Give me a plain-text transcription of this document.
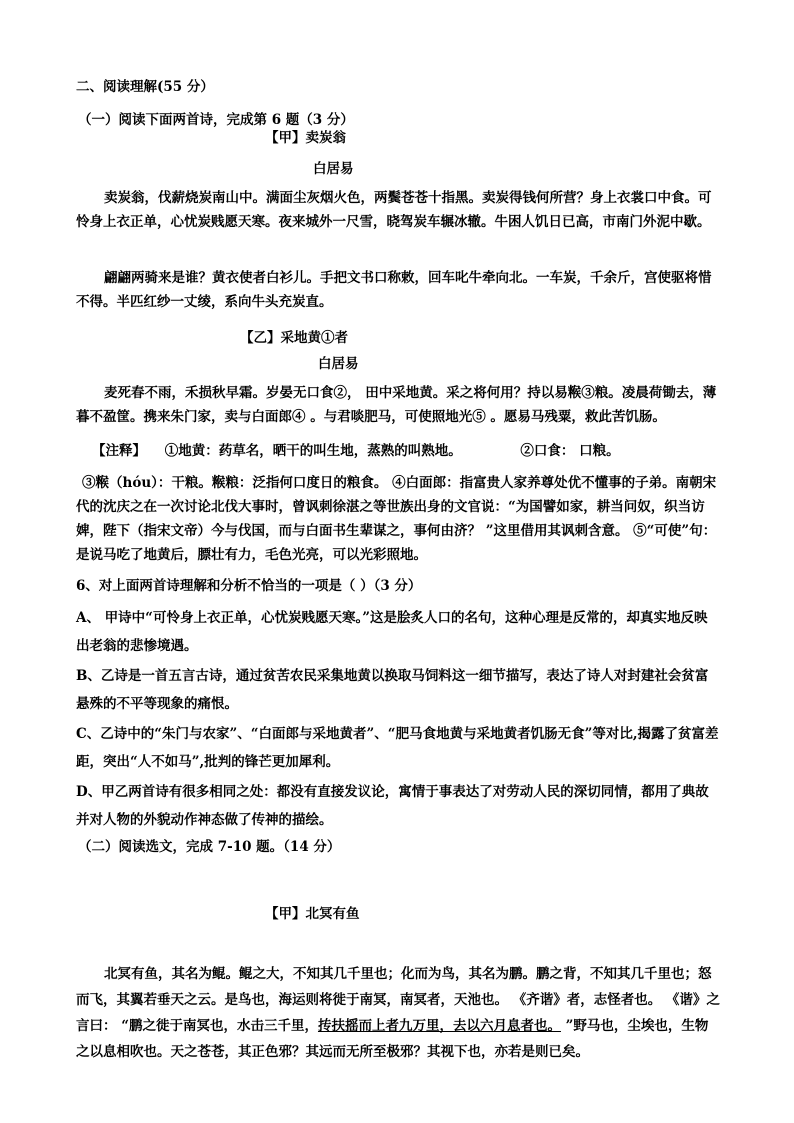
二、阅读理解(55 分）
（一）阅读下面两首诗，完成第 6 题（3 分）
【甲】卖炭翁
白居易
卖炭翁，伐薪烧炭南山中。满面尘灰烟火色，两鬓苍苍十指黑。卖炭得钱何所营？身上衣裳口中食。可怜身上衣正单，心忧炭贱愿天寒。夜来城外一尺雪，晓驾炭车辗冰辙。牛困人饥日已高，市南门外泥中歇。
翩翩两骑来是谁？黄衣使者白衫儿。手把文书口称敕，回车叱牛牵向北。一车炭，千余斤，宫使驱将惜不得。半匹红纱一丈绫，系向牛头充炭直。
【乙】采地黄①者
白居易
麦死春不雨，禾损秋早霜。岁晏无口食②， 田中采地黄。采之将何用？持以易糇③粮。凌晨荷锄去，薄暮不盈筐。携来朱门家，卖与白面郎④ 。与君啖肥马，可使照地光⑤ 。愿易马残粟，救此苦饥肠。
【注释】 ①地黄：药草名，晒干的叫生地，蒸熟的叫熟地。	②口食： 口粮。
③糇（hóu）：干粮。糇粮：泛指何口度日的粮食。 ④白面郎：指富贵人家养尊处优不懂事的子弟。南朝宋代的沈庆之在一次讨论北伐大事时，曾讽刺徐湛之等世族出身的文官说：“为国譬如家，耕当问奴，织当访婢，陛下（指宋文帝）今与伐国，而与白面书生辈谋之，事何由济？ ”这里借用其讽刺含意。 ⑤“可使”句：是说马吃了地黄后，膘壮有力，毛色光亮，可以光彩照地。
6、对上面两首诗理解和分析不恰当的一项是（ ）（3 分）
A、 甲诗中“可怜身上衣正单，心忧炭贱愿天寒。”这是脍炙人口的名句，这种心理是反常的，却真实地反映出老翁的悲惨境遇。
B、乙诗是一首五言古诗，通过贫苦农民采集地黄以换取马饲料这一细节描写，表达了诗人对封建社会贫富悬殊的不平等现象的痛恨。
C、乙诗中的“朱门与农家”、“白面郎与采地黄者”、“肥马食地黄与采地黄者饥肠无食”等对比,揭露了贫富差距，突出“人不如马”,批判的锋芒更加犀利。
D、甲乙两首诗有很多相同之处：都没有直接发议论，寓情于事表达了对劳动人民的深切同情，都用了典故并对人物的外貌动作神态做了传神的描绘。
（二）阅读选文，完成 7-10 题。（14 分）
【甲】北冥有鱼
北冥有鱼，其名为鲲。鲲之大，不知其几千里也；化而为鸟，其名为鹏。鹏之背，不知其几千里也；怒而飞，其翼若垂天之云。是鸟也，海运则将徙于南冥，南冥者，天池也。 《齐谐》者，志怪者也。 《谐》之言曰： “鹏之徙于南冥也，水击三千里，抟扶摇而上者九万里，去以六月息者也。 ”野马也，尘埃也，生物之以息相吹也。天之苍苍，其正色邪？其远而无所至极邪？其视下也，亦若是则已矣。
